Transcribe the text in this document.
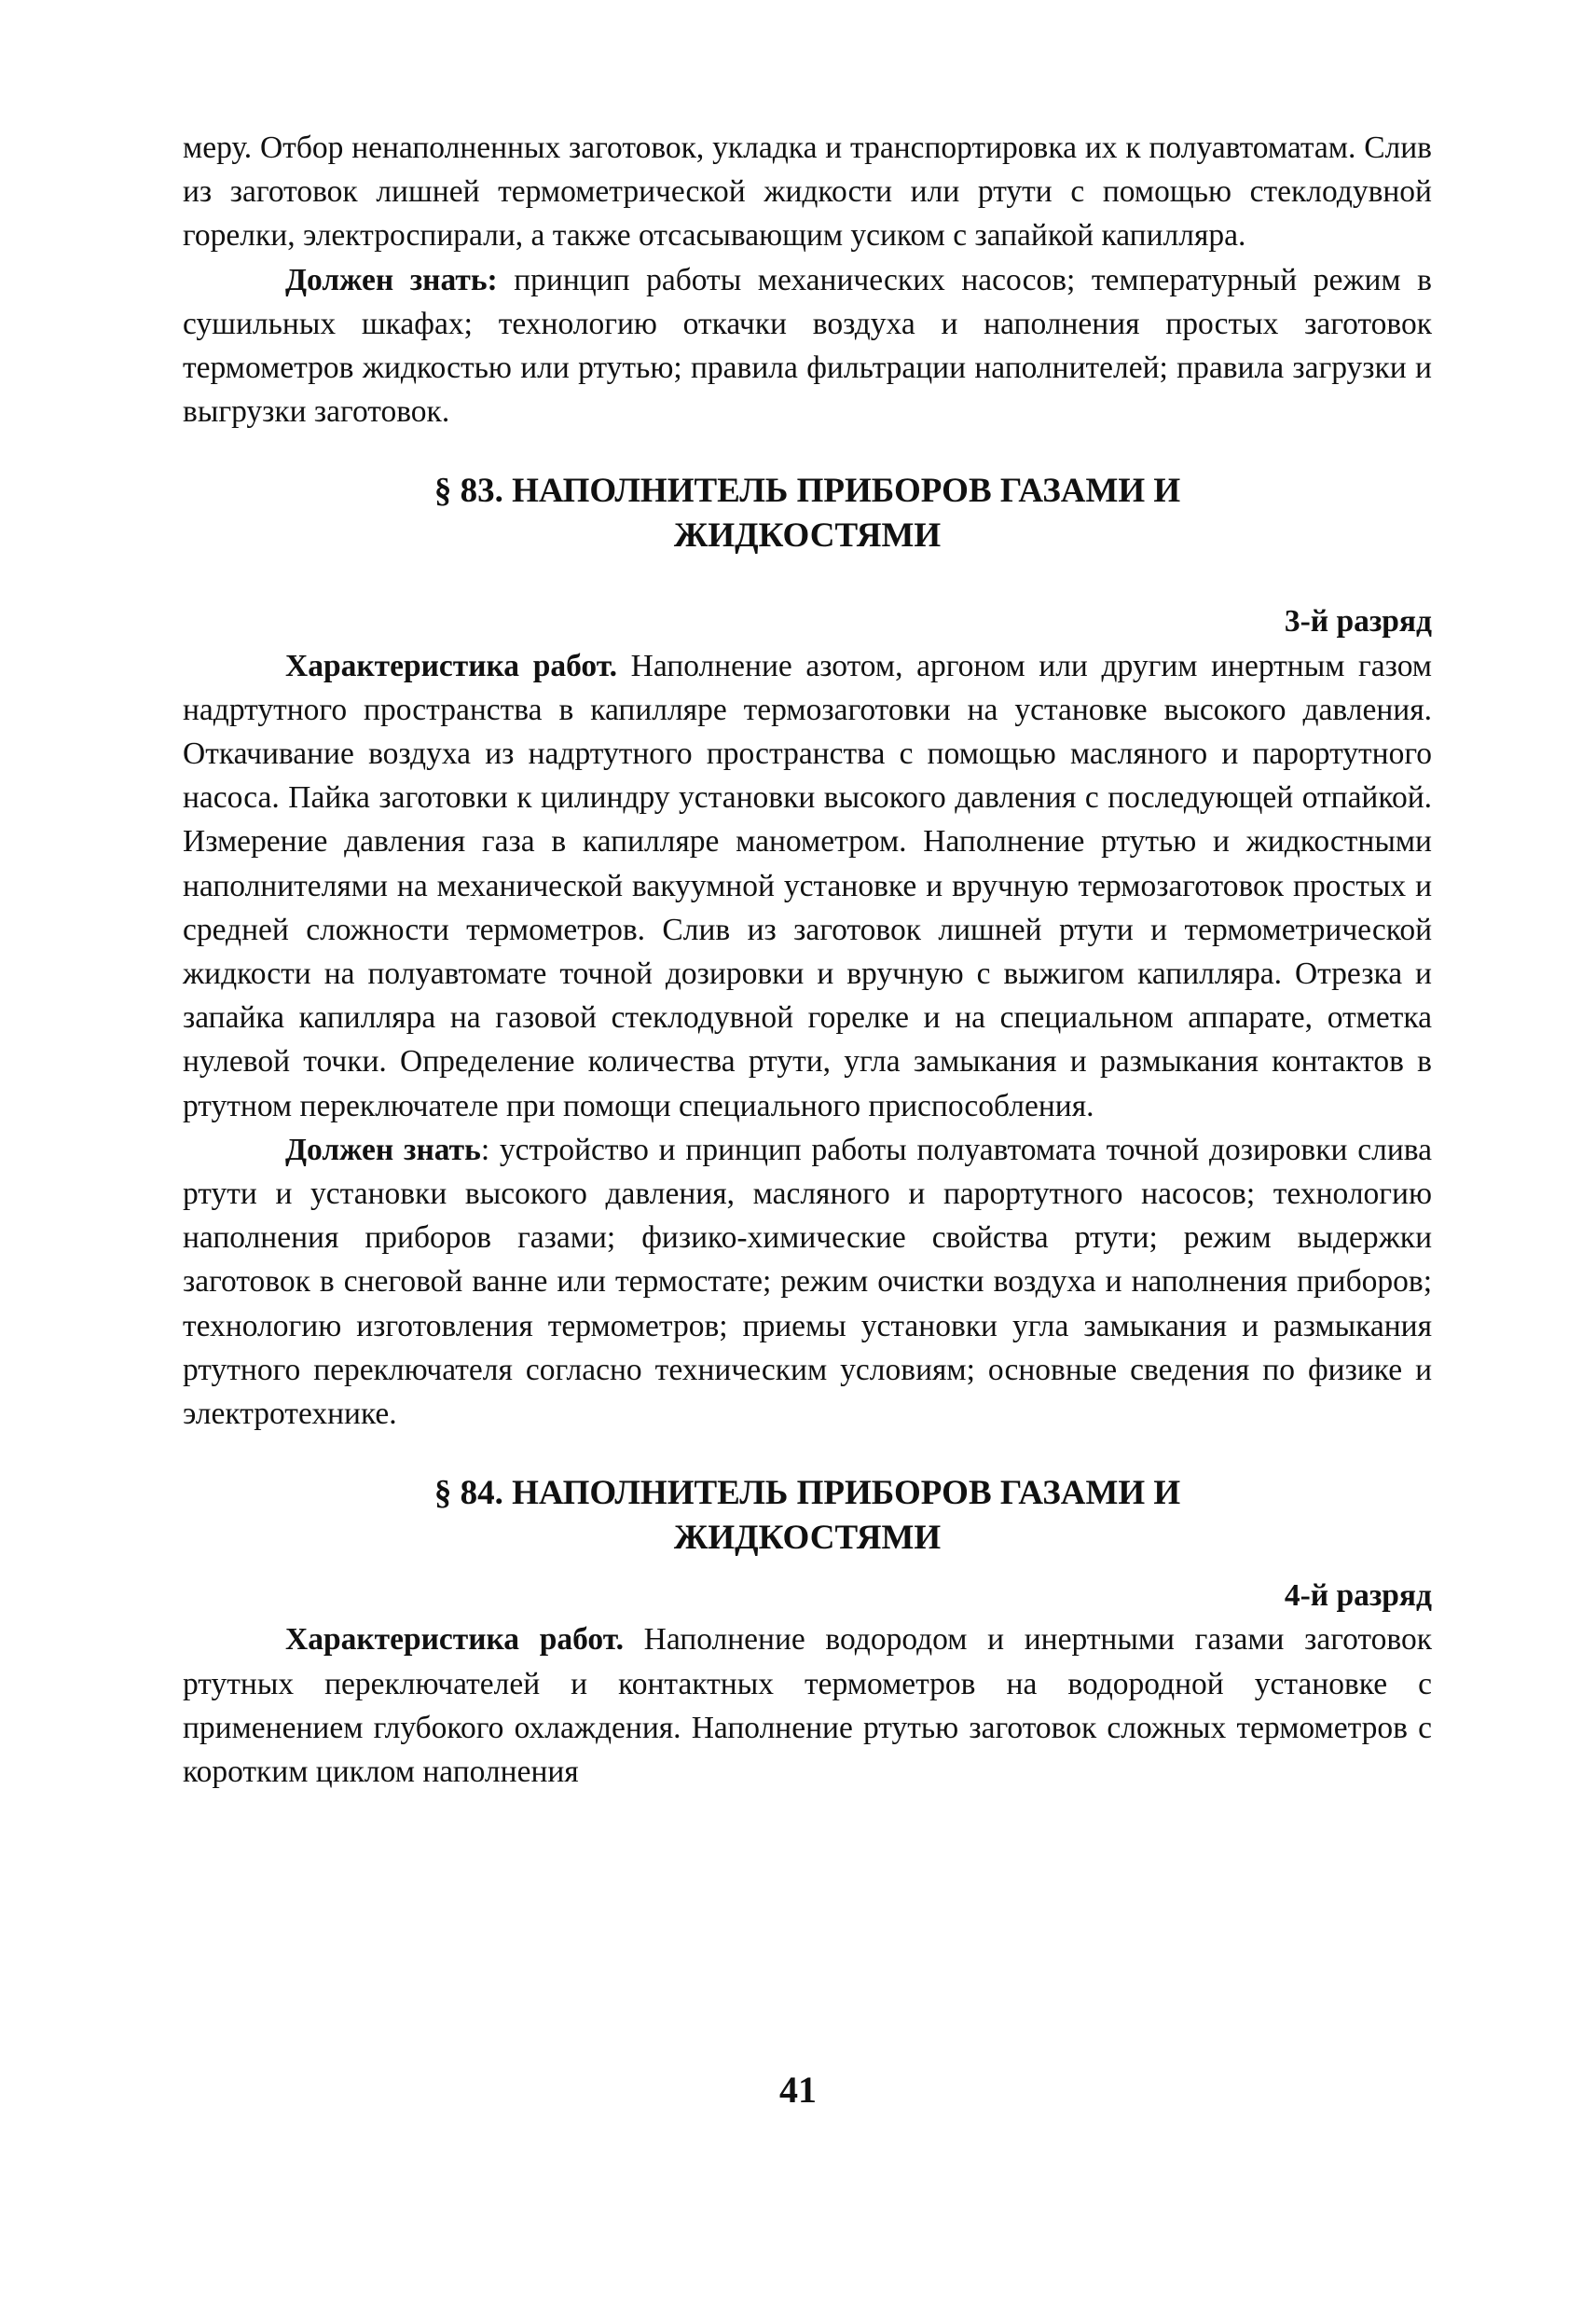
меру. Отбор ненаполненных заготовок, укладка и транспортировка их к полуавтоматам. Слив из заготовок лишней термометрической жидкости или ртути с помощью стеклодувной горелки, электроспирали, а также отсасывающим усиком с запайкой капилляра.

Должен знать: принцип работы механических насосов; температурный режим в сушильных шкафах; технологию откачки воздуха и наполнения простых заготовок термометров жидкостью или ртутью; правила фильтрации наполнителей; правила загрузки и выгрузки заготовок.

§ 83. НАПОЛНИТЕЛЬ ПРИБОРОВ ГАЗАМИ И
ЖИДКОСТЯМИ

3-й разряд

Характеристика работ. Наполнение азотом, аргоном или другим инертным газом надртутного пространства в капилляре термозаготовки на установке высокого давления. Откачивание воздуха из надртутного пространства с помощью масляного и парортутного насоса. Пайка заготовки к цилиндру установки высокого давления с последующей отпайкой. Измерение давления газа в капилляре манометром. Наполнение ртутью и жидкостными наполнителями на механической вакуумной установке и вручную термозаготовок простых и средней сложности термометров. Слив из заготовок лишней ртути и термометрической жидкости на полуавтомате точной дозировки и вручную с выжигом капилляра. Отрезка и запайка капилляра на газовой стеклодувной горелке и на специальном аппарате, отметка нулевой точки. Определение количества ртути, угла замыкания и размыкания контактов в ртутном переключателе при помощи специального приспособления.

Должен знать: устройство и принцип работы полуавтомата точной дозировки слива ртути и установки высокого давления, масляного и парортутного насосов; технологию наполнения приборов газами; физико-химические свойства ртути; режим выдержки заготовок в снеговой ванне или термостате; режим очистки воздуха и наполнения приборов; технологию изготовления термометров; приемы установки угла замыкания и размыкания ртутного переключателя согласно техническим условиям; основные сведения по физике и электротехнике.

§ 84. НАПОЛНИТЕЛЬ ПРИБОРОВ ГАЗАМИ И
ЖИДКОСТЯМИ

4-й разряд

Характеристика работ. Наполнение водородом и инертными газами заготовок ртутных переключателей и контактных термометров на водородной установке с применением глубокого охлаждения. Наполнение ртутью заготовок сложных термометров с коротким циклом наполнения

41
